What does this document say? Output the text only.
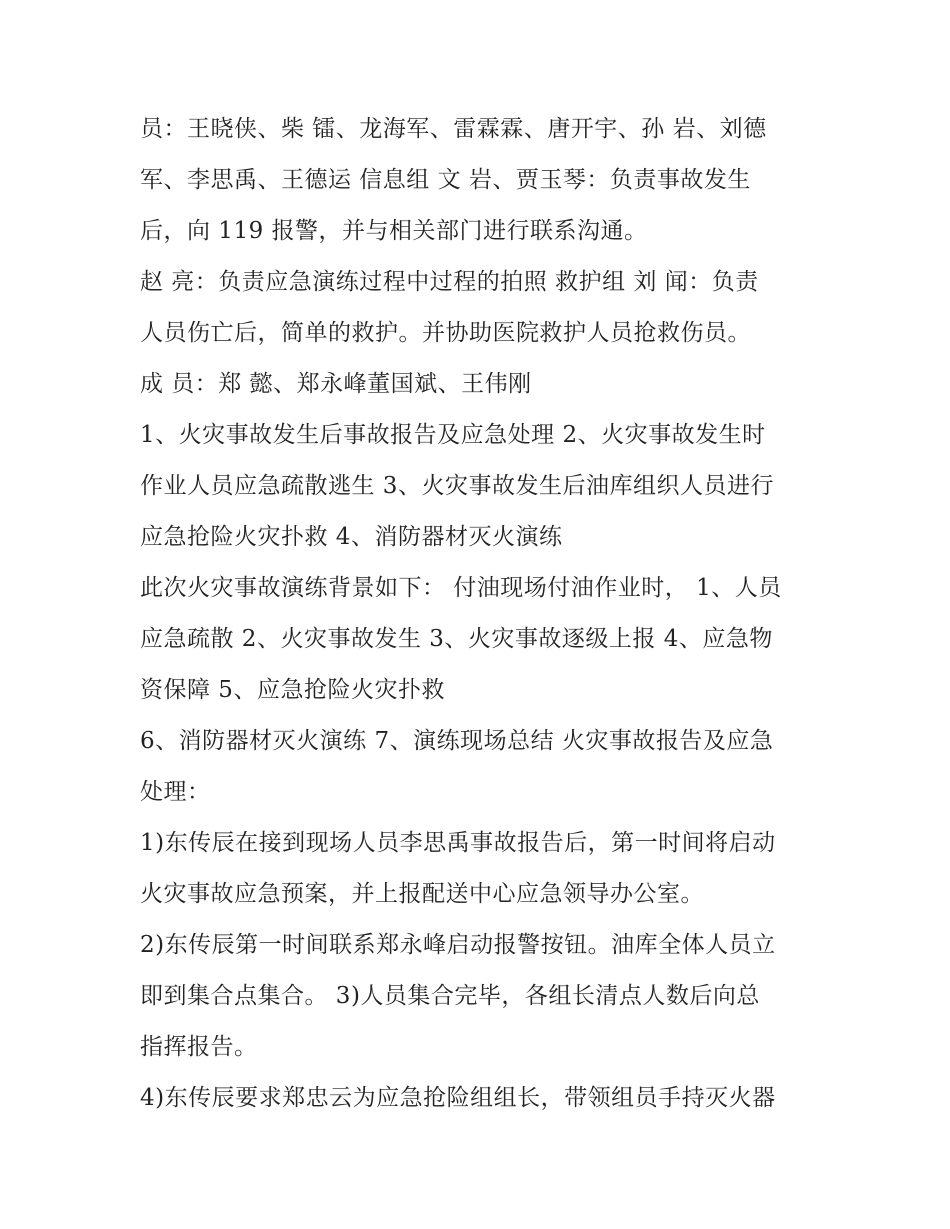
员：王晓侠、柴 镭、龙海军、雷霖霖、唐开宇、孙 岩、刘德
军、李思禹、王德运 信息组 文 岩、贾玉琴：负责事故发生
后，向 119 报警，并与相关部门进行联系沟通。
赵 亮：负责应急演练过程中过程的拍照 救护组 刘 闻：负责
人员伤亡后，简单的救护。并协助医院救护人员抢救伤员。
成 员：郑 懿、郑永峰董国斌、王伟刚
1、火灾事故发生后事故报告及应急处理 2、火灾事故发生时
作业人员应急疏散逃生 3、火灾事故发生后油库组织人员进行
应急抢险火灾扑救 4、消防器材灭火演练
此次火灾事故演练背景如下： 付油现场付油作业时， 1、人员
应急疏散 2、火灾事故发生 3、火灾事故逐级上报 4、应急物
资保障 5、应急抢险火灾扑救
6、消防器材灭火演练 7、演练现场总结 火灾事故报告及应急
处理：
1)东传辰在接到现场人员李思禹事故报告后，第一时间将启动
火灾事故应急预案，并上报配送中心应急领导办公室。
2)东传辰第一时间联系郑永峰启动报警按钮。油库全体人员立
即到集合点集合。 3)人员集合完毕，各组长清点人数后向总
指挥报告。
4)东传辰要求郑忠云为应急抢险组组长，带领组员手持灭火器
